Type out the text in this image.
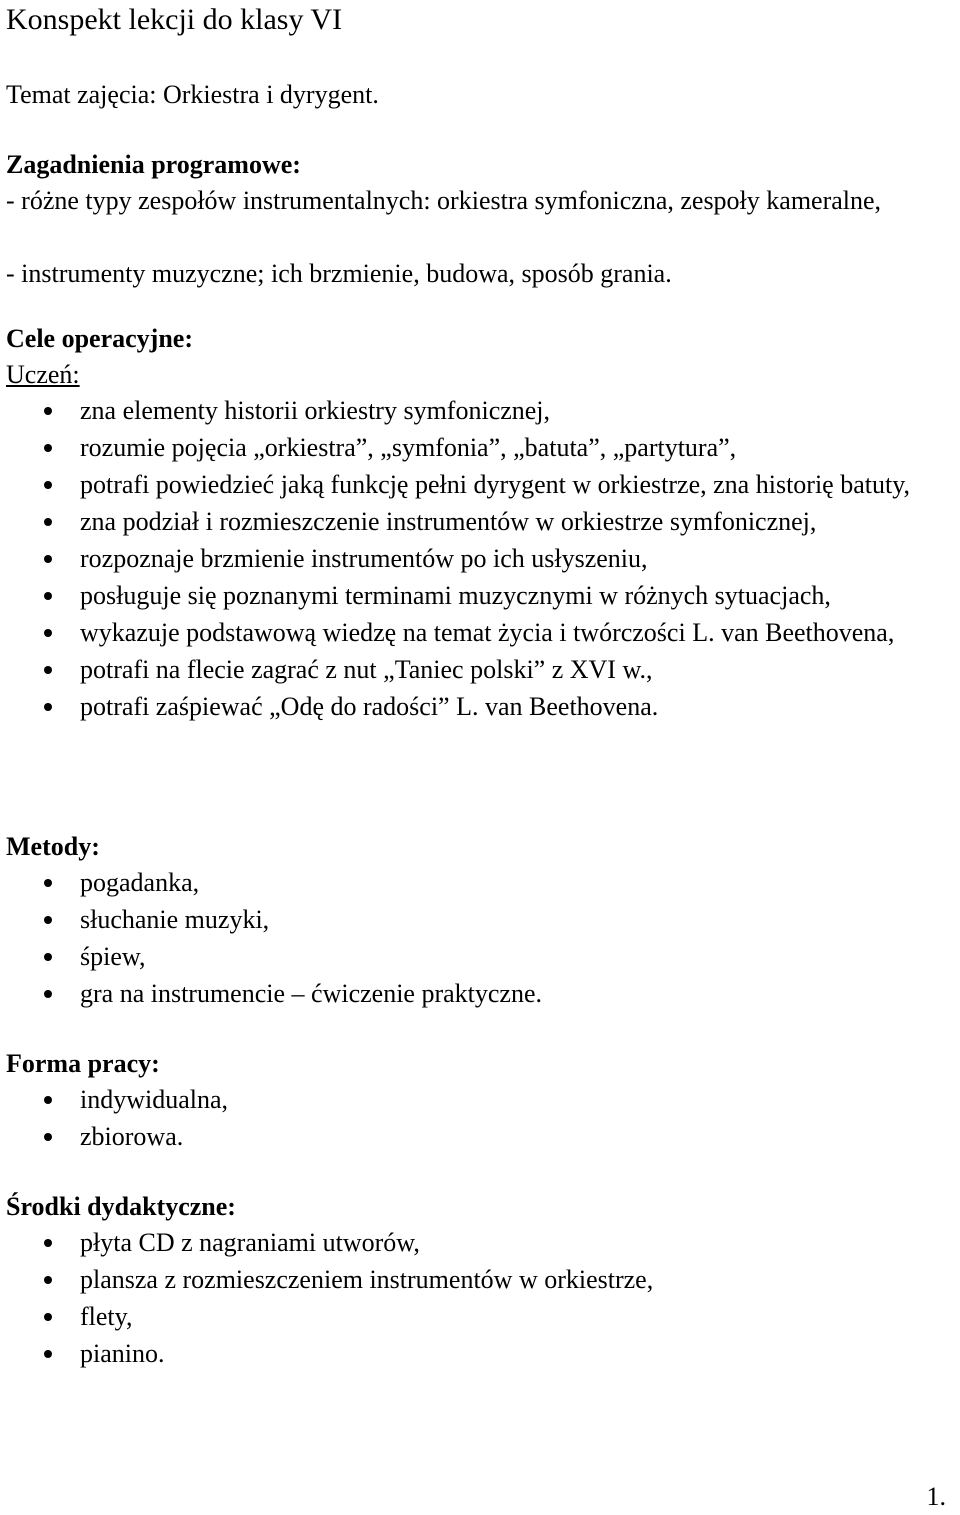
Konspekt lekcji do klasy VI
Temat zajęcia: Orkiestra i dyrygent.
Zagadnienia programowe:
- różne typy zespołów instrumentalnych: orkiestra symfoniczna, zespoły kameralne,
- instrumenty muzyczne; ich brzmienie, budowa, sposób grania.
Cele operacyjne:
Uczeń:
zna elementy historii orkiestry symfonicznej,
rozumie pojęcia „orkiestra”, „symfonia”, „batuta”, „partytura”,
potrafi powiedzieć jaką funkcję pełni dyrygent w orkiestrze, zna historię batuty,
zna podział i rozmieszczenie instrumentów w orkiestrze symfonicznej,
rozpoznaje brzmienie instrumentów po ich usłyszeniu,
posługuje się poznanymi terminami muzycznymi w różnych sytuacjach,
wykazuje podstawową wiedzę na temat życia i twórczości L. van Beethovena,
potrafi na flecie zagrać z nut „Taniec polski” z XVI w.,
potrafi zaśpiewać „Odę do radości” L. van Beethovena.
Metody:
pogadanka,
słuchanie muzyki,
śpiew,
gra na instrumencie – ćwiczenie praktyczne.
Forma pracy:
indywidualna,
zbiorowa.
Środki dydaktyczne:
płyta CD z nagraniami utworów,
plansza z rozmieszczeniem instrumentów w orkiestrze,
flety,
pianino.
1.
